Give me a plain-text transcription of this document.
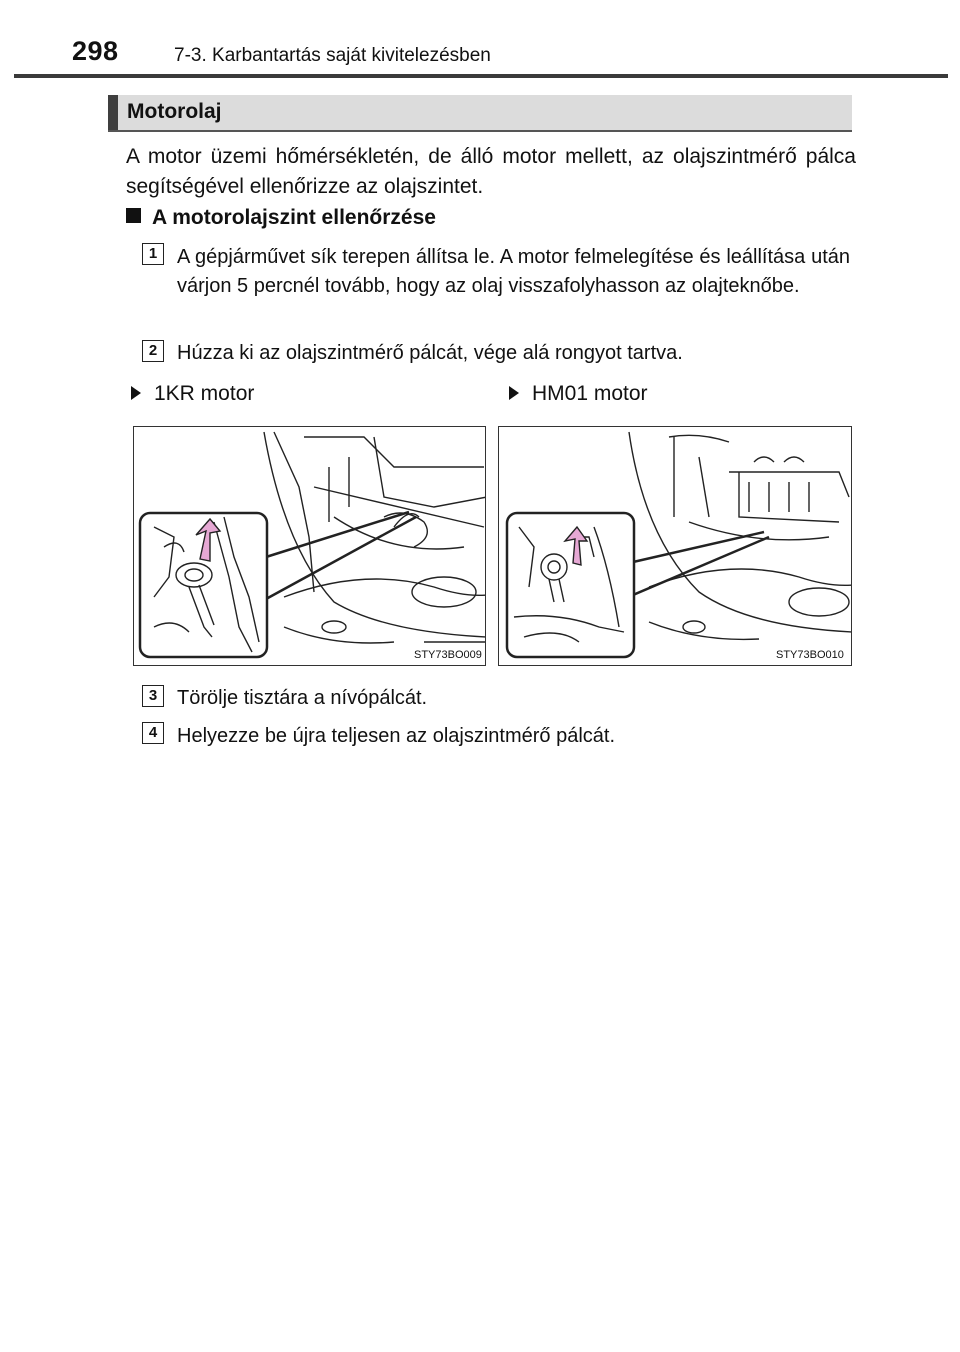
298	7-3. Karbantartás saját kivitelezésben
Motorolaj
A motor üzemi hőmérsékletén, de álló motor mellett, az olajszintmérő pálca segítségével ellenőrizze az olajszintet.
A motorolajszint ellenőrzése
1 A gépjárművet sík terepen állítsa le. A motor felmelegítése és leállítása után várjon 5 percnél tovább, hogy az olaj visszafolyhasson az olajteknőbe.
2 Húzza ki az olajszintmérő pálcát, vége alá rongyot tartva.
1KR motor	HM01 motor
STY73BO009	STY73BO010
3 Törölje tisztára a nívópálcát.
4 Helyezze be újra teljesen az olajszintmérő pálcát.
